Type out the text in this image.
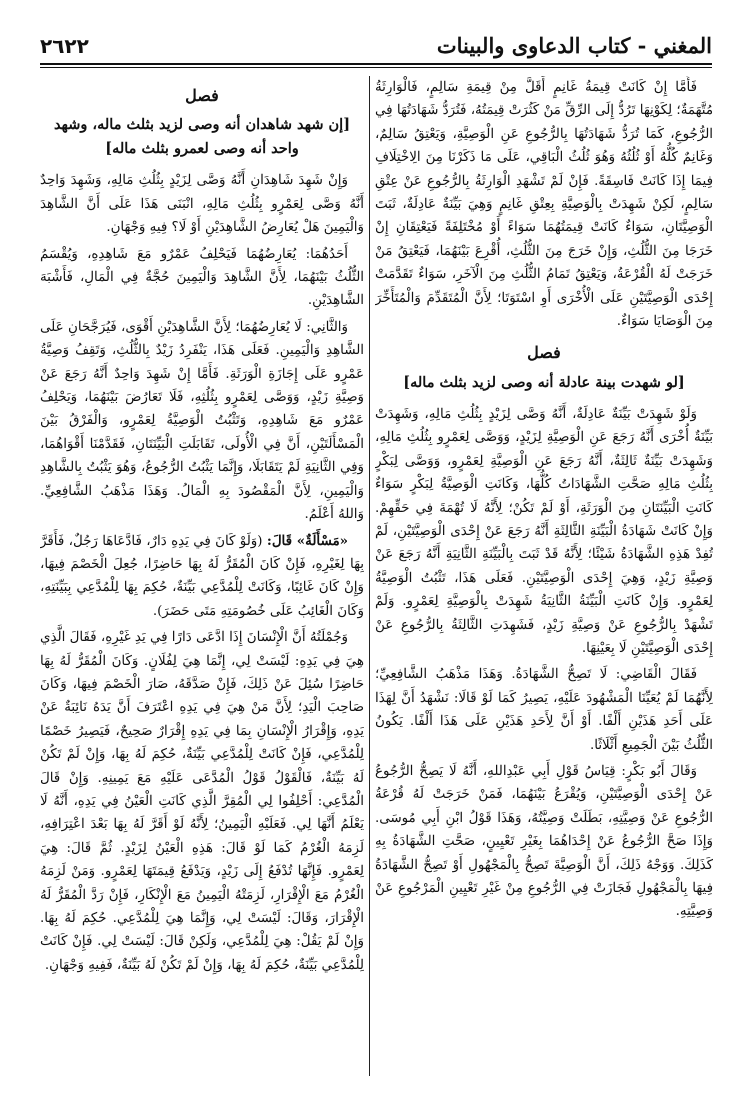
٢٦٢٢	المغني - كتاب الدعاوى والبينات

فَأَمَّا إِنْ كَانَتْ قِيمَةُ غَانِمٍ أَقَلَّ مِنْ قِيمَةِ سَالِمٍ، فَالْوَارِثَةُ مُتَّهَمَةٌ؛ لِكَوْنِهَا تَرُدُّ إِلَى الرِّقِّ مَنْ كَثُرَتْ قِيمَتُهُ، فَتُرَدُّ شَهَادَتُهَا فِي الرُّجُوعِ، كَمَا تُرَدُّ شَهَادَتُهَا بِالرُّجُوعِ عَنِ الْوَصِيَّةِ، وَيَعْتِقُ سَالِمٌ، وَغَانِمٌ كُلُّهُ أَوْ ثُلُثُهُ وَهُوَ ثُلُثُ الْبَاقِي، عَلَى مَا ذَكَرْنَا مِنَ الِاخْتِلَافِ فِيمَا إِذَا كَانَتْ فَاسِقَةً. فَإِنْ لَمْ تَشْهَدِ الْوَارِثَةُ بِالرُّجُوعِ عَنْ عِتْقِ سَالِمٍ، لَكِنْ شَهِدَتْ بِالْوَصِيَّةِ بِعِتْقِ غَانِمٍ وَهِيَ بَيِّنَةٌ عَادِلَةٌ، ثَبَتَ الْوَصِيَّتَانِ، سَوَاءٌ كَانَتْ قِيمَتُهُمَا سَوَاءً أَوْ مُخْتَلِفَةً فَيَعْتِقَانِ إِنْ خَرَجَا مِنَ الثُّلُثِ، وَإِنْ خَرَجَ مِنَ الثُّلُثِ، أُقْرِعَ بَيْنَهُمَا، فَيَعْتِقُ مَنْ خَرَجَتْ لَهُ الْقُرْعَةُ، وَيَعْتِقُ تَمَامُ الثُّلُثِ مِنَ الْآخَرِ، سَوَاءٌ تَقَدَّمَتْ إِحْدَى الْوَصِيَّتَيْنِ عَلَى الْأُخْرَى أَوِ اسْتَوَتَا؛ لِأَنَّ الْمُتَقَدِّمَ وَالْمُتَأَخِّرَ مِنَ الْوَصَايَا سَوَاءٌ.

فصل
[لو شهدت بينة عادلة أنه وصى لزيد بثلث ماله]

وَلَوْ شَهِدَتْ بَيِّنَةٌ عَادِلَةٌ، أَنَّهُ وَصَّى لِزَيْدٍ بِثُلُثِ مَالِهِ، وَشَهِدَتْ بَيِّنَةٌ أُخْرَى أَنَّهُ رَجَعَ عَنِ الْوَصِيَّةِ لِزَيْدٍ، وَوَصَّى لِعَمْرٍو بِثُلُثِ مَالِهِ، وَشَهِدَتْ بَيِّنَةٌ ثَالِثَةٌ، أَنَّهُ رَجَعَ عَنِ الْوَصِيَّةِ لِعَمْرٍو، وَوَصَّى لِبَكْرٍ بِثُلُثِ مَالِهِ صَحَّتِ الشَّهَادَاتُ كُلُّهَا، وَكَانَتِ الْوَصِيَّةُ لِبَكْرٍ سَوَاءٌ كَانَتِ الْبَيِّنَتَانِ مِنَ الْوَرَثَةِ، أَوْ لَمْ تَكُنْ؛ لِأَنَّهُ لَا تُهْمَةَ فِي حَقِّهِمْ. وَإِنْ كَانَتْ شَهَادَةُ الْبَيِّنَةِ الثَّالِثَةِ أَنَّهُ رَجَعَ عَنْ إِحْدَى الْوَصِيَّتَيْنِ، لَمْ تُفِدْ هَذِهِ الشَّهَادَةُ شَيْئًا؛ لِأَنَّهُ قَدْ ثَبَتَ بِالْبَيِّنَةِ الثَّانِيَةِ أَنَّهُ رَجَعَ عَنْ وَصِيَّةِ زَيْدٍ، وَهِيَ إِحْدَى الْوَصِيَّتَيْنِ. فَعَلَى هَذَا، تَثْبُتُ الْوَصِيَّةُ لِعَمْرٍو. وَإِنْ كَانَتِ الْبَيِّنَةُ الثَّانِيَةُ شَهِدَتْ بِالْوَصِيَّةِ لِعَمْرٍو. وَلَمْ تَشْهَدْ بِالرُّجُوعِ عَنْ وَصِيَّةِ زَيْدٍ، فَشَهِدَتِ الثَّالِثَةُ بِالرُّجُوعِ عَنْ إِحْدَى الْوَصِيَّتَيْنِ لَا بِعَيْنِهَا.

فَقَالَ الْقَاضِي: لَا تَصِحُّ الشَّهَادَةُ. وَهَذَا مَذْهَبُ الشَّافِعِيِّ؛ لِأَنَّهُمَا لَمْ يُعَيِّنَا الْمَشْهُودَ عَلَيْهِ، يَصِيرُ كَمَا لَوْ قَالَا: نَشْهَدُ أَنَّ لِهَذَا عَلَى أَحَدِ هَذَيْنِ أَلْفًا. أَوْ أَنَّ لِأَحَدِ هَذَيْنِ عَلَى هَذَا أَلْفًا. يَكُونُ الثُّلُثُ بَيْنَ الْجَمِيعِ أَثْلَاثًا.

وَقَالَ أَبُو بَكْرٍ: قِيَاسُ قَوْلِ أَبِي عَبْدِاللهِ، أَنَّهُ لَا يَصِحُّ الرُّجُوعُ عَنْ إِحْدَى الْوَصِيَّتَيْنِ، وَيُقْرَعُ بَيْنَهُمَا، فَمَنْ خَرَجَتْ لَهُ قُرْعَةُ الرُّجُوعِ عَنْ وَصِيَّتِهِ، بَطَلَتْ وَصِيَّتُهُ، وَهَذَا قَوْلُ ابْنِ أَبِي مُوسَى. وَإِذَا صَحَّ الرُّجُوعُ عَنْ إِحْدَاهُمَا بِغَيْرِ تَعْيِينٍ، صَحَّتِ الشَّهَادَةُ بِهِ كَذَلِكَ. وَوَجْهُ ذَلِكَ، أَنَّ الْوَصِيَّةَ تَصِحُّ بِالْمَجْهُولِ أَوْ تَصِحُّ الشَّهَادَةُ فِيهَا بِالْمَجْهُولِ فَجَازَتْ فِي الرُّجُوعِ مِنْ غَيْرِ تَعْيِينِ الْمَرْجُوعِ عَنْ وَصِيَّتِهِ.

فصل
[إن شهد شاهدان أنه وصى لزيد بثلث ماله، وشهد واحد أنه وصى لعمرو بثلث ماله]

وَإِنْ شَهِدَ شَاهِدَانِ أَنَّهُ وَصَّى لِزَيْدٍ بِثُلُثِ مَالِهِ، وَشَهِدَ وَاحِدٌ أَنَّهُ وَصَّى لِعَمْرٍو بِثُلُثِ مَالِهِ، انْبَنَى هَذَا عَلَى أَنَّ الشَّاهِدَ وَالْيَمِينَ هَلْ يُعَارِضُ الشَّاهِدَيْنِ أَوْ لَا؟ فِيهِ وَجْهَانِ.

أَحَدُهُمَا: يُعَارِضُهُمَا فَيَحْلِفُ عَمْرٌو مَعَ شَاهِدِهِ، وَيُقْسَمُ الثُّلُثُ بَيْنَهُمَا، لِأَنَّ الشَّاهِدَ وَالْيَمِينَ حُجَّةٌ فِي الْمَالِ، فَأَشْبَهَ الشَّاهِدَيْنِ.

وَالثَّانِي: لَا يُعَارِضُهُمَا؛ لِأَنَّ الشَّاهِدَيْنِ أَقْوَى، فَيُرَجَّحَانِ عَلَى الشَّاهِدِ وَالْيَمِينِ. فَعَلَى هَذَا، يَنْفَرِدُ زَيْدٌ بِالثُّلُثِ، وَتَقِفُ وَصِيَّةُ عَمْرٍو عَلَى إِجَازَةِ الْوَرَثَةِ. فَأَمَّا إِنْ شَهِدَ وَاحِدٌ أَنَّهُ رَجَعَ عَنْ وَصِيَّةِ زَيْدٍ، وَوَصَّى لِعَمْرٍو بِثُلُثِهِ، فَلَا تَعَارُضَ بَيْنَهُمَا، وَيَحْلِفُ عَمْرٌو مَعَ شَاهِدِهِ، وَتَثْبُتُ الْوَصِيَّةُ لِعَمْرٍو، وَالْفَرْقُ بَيْنَ الْمَسْأَلَتَيْنِ، أَنَّ فِي الْأُولَى، تَقَابَلَتِ الْبَيِّنَتَانِ، فَقَدَّمْنَا أَقْوَاهُمَا، وَفِي الثَّانِيَةِ لَمْ يَتَقَابَلَا، وَإِنَّمَا يَثْبُتُ الرُّجُوعُ، وَهُوَ يَثْبُتُ بِالشَّاهِدِ وَالْيَمِينِ، لِأَنَّ الْمَقْصُودَ بِهِ الْمَالُ. وَهَذَا مَذْهَبُ الشَّافِعِيِّ. وَاللهُ أَعْلَمُ.

«مَسْأَلَةٌ» قَالَ: (وَلَوْ كَانَ فِي يَدِهِ دَارٌ، فَادَّعَاهَا رَجُلٌ، فَأَقَرَّ بِهَا لِغَيْرِهِ، فَإِنْ كَانَ الْمُقَرُّ لَهُ بِهَا حَاضِرًا، جُعِلَ الْخَصْمَ فِيهَا، وَإِنْ كَانَ غَائِبًا، وَكَانَتْ لِلْمُدَّعِي بَيِّنَةٌ، حُكِمَ بِهَا لِلْمُدَّعِي بِبَيِّنَتِهِ، وَكَانَ الْغَائِبُ عَلَى خُصُومَتِهِ مَتَى حَضَرَ).

وَجُمْلَتُهُ أَنَّ الْإِنْسَانَ إِذَا ادَّعَى دَارًا فِي يَدِ غَيْرِهِ، فَقَالَ الَّذِي هِيَ فِي يَدِهِ: لَيْسَتْ لِي، إِنَّمَا هِيَ لِفُلَانٍ. وَكَانَ الْمُقَرُّ لَهُ بِهَا حَاضِرًا سُئِلَ عَنْ ذَلِكَ، فَإِنْ صَدَّقَهُ، صَارَ الْخَصْمَ فِيهَا، وَكَانَ صَاحِبَ الْيَدِ؛ لِأَنَّ مَنْ هِيَ فِي يَدِهِ اعْتَرَفَ أَنَّ يَدَهُ نَائِبَةٌ عَنْ يَدِهِ، وَإِقْرَارُ الْإِنْسَانِ بِمَا فِي يَدِهِ إِقْرَارٌ صَحِيحٌ، فَيَصِيرُ خَصْمًا لِلْمُدَّعِي، فَإِنْ كَانَتْ لِلْمُدَّعِي بَيِّنَةٌ، حُكِمَ لَهُ بِهَا، وَإِنْ لَمْ تَكُنْ لَهُ بَيِّنَةٌ، فَالْقَوْلُ قَوْلُ الْمُدَّعَى عَلَيْهِ مَعَ يَمِينِهِ. وَإِنْ قَالَ الْمُدَّعِي: أَحْلِفُوا لِي الْمُقِرَّ الَّذِي كَانَتِ الْعَيْنُ فِي يَدِهِ، أَنَّهُ لَا يَعْلَمُ أَنَّهَا لِي. فَعَلَيْهِ الْيَمِينُ؛ لِأَنَّهُ لَوْ أَقَرَّ لَهُ بِهَا بَعْدَ اعْتِرَافِهِ، لَزِمَهُ الْغُرْمُ كَمَا لَوْ قَالَ: هَذِهِ الْعَيْنُ لِزَيْدٍ. ثُمَّ قَالَ: هِيَ لِعَمْرٍو. فَإِنَّهَا تُدْفَعُ إِلَى زَيْدٍ، وَيَدْفَعُ قِيمَتَهَا لِعَمْرٍو. وَمَنْ لَزِمَهُ الْغُرْمُ مَعَ الْإِقْرَارِ، لَزِمَتْهُ الْيَمِينُ مَعَ الْإِنْكَارِ، فَإِنْ رَدَّ الْمُقَرُّ لَهُ الْإِقْرَارَ، وَقَالَ: لَيْسَتْ لِي، وَإِنَّمَا هِيَ لِلْمُدَّعِي. حُكِمَ لَهُ بِهَا. وَإِنْ لَمْ يَقُلْ: هِيَ لِلْمُدَّعِي، وَلَكِنْ قَالَ: لَيْسَتْ لِي. فَإِنْ كَانَتْ لِلْمُدَّعِي بَيِّنَةٌ، حُكِمَ لَهُ بِهَا، وَإِنْ لَمْ تَكُنْ لَهُ بَيِّنَةٌ، فَفِيهِ وَجْهَانِ.
